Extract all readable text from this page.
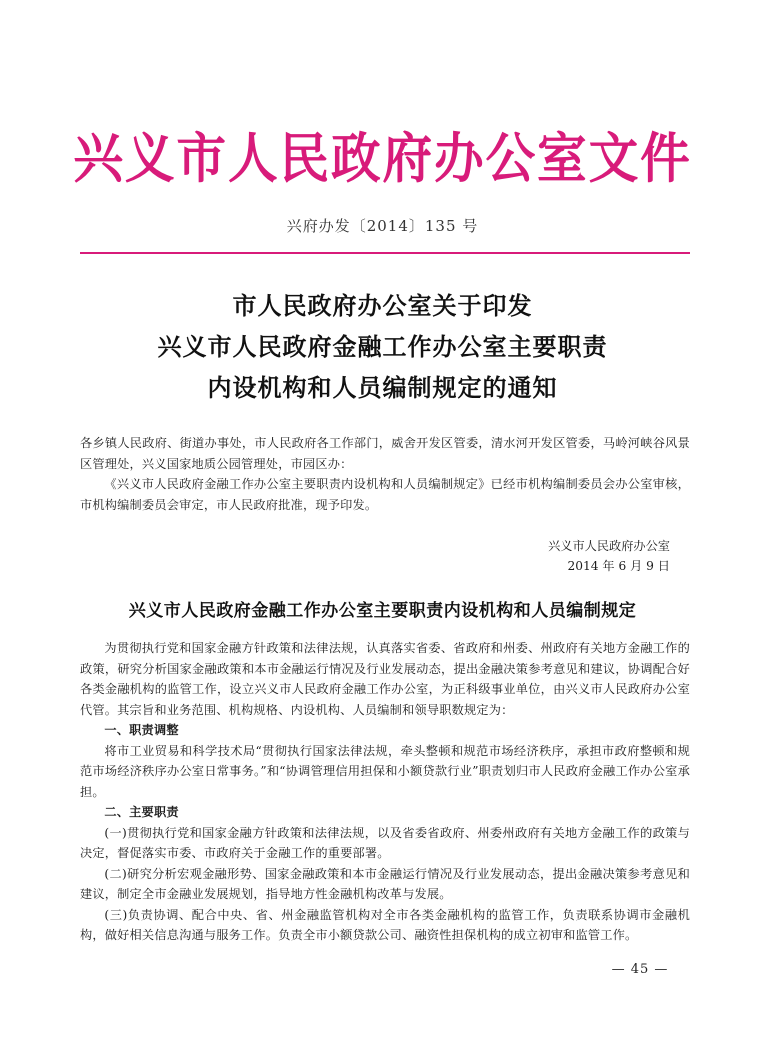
兴义市人民政府办公室文件
兴府办发〔2014〕135 号
市人民政府办公室关于印发
兴义市人民政府金融工作办公室主要职责
内设机构和人员编制规定的通知
各乡镇人民政府、街道办事处，市人民政府各工作部门，威舍开发区管委，清水河开发区管委，马岭河峡谷风景区管理处，兴义国家地质公园管理处，市园区办：
《兴义市人民政府金融工作办公室主要职责内设机构和人员编制规定》已经市机构编制委员会办公室审核，市机构编制委员会审定，市人民政府批准，现予印发。
兴义市人民政府办公室
2014 年 6 月 9 日
兴义市人民政府金融工作办公室主要职责内设机构和人员编制规定

为贯彻执行党和国家金融方针政策和法律法规，认真落实省委、省政府和州委、州政府有关地方金融工作的政策，研究分析国家金融政策和本市金融运行情况及行业发展动态，提出金融决策参考意见和建议，协调配合好各类金融机构的监管工作，设立兴义市人民政府金融工作办公室，为正科级事业单位，由兴义市人民政府办公室代管。其宗旨和业务范围、机构规格、内设机构、人员编制和领导职数规定为：

一、职责调整

将市工业贸易和科学技术局“贯彻执行国家法律法规，牵头整顿和规范市场经济秩序，承担市政府整顿和规范市场经济秩序办公室日常事务。”和“协调管理信用担保和小额贷款行业”职责划归市人民政府金融工作办公室承担。

二、主要职责

(一)贯彻执行党和国家金融方针政策和法律法规，以及省委省政府、州委州政府有关地方金融工作的政策与决定，督促落实市委、市政府关于金融工作的重要部署。

(二)研究分析宏观金融形势、国家金融政策和本市金融运行情况及行业发展动态，提出金融决策参考意见和建议，制定全市金融业发展规划，指导地方性金融机构改革与发展。

(三)负责协调、配合中央、省、州金融监管机构对全市各类金融机构的监管工作，负责联系协调市金融机构，做好相关信息沟通与服务工作。负责全市小额贷款公司、融资性担保机构的成立初审和监管工作。

— 45 —
